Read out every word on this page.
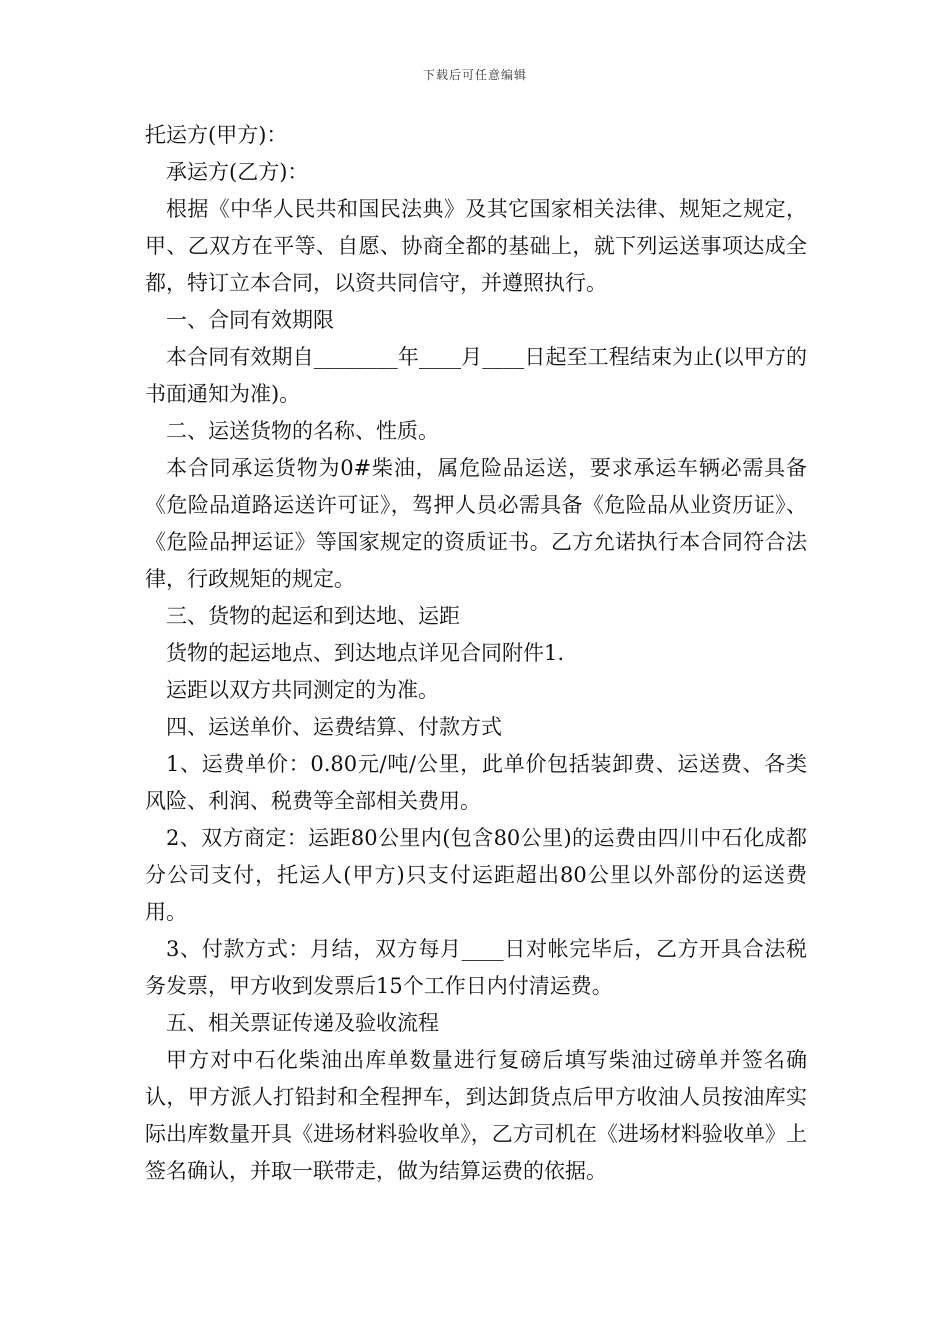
下载后可任意编辑

托运方(甲方)：

承运方(乙方)：

根据《中华人民共和国民法典》及其它国家相关法律、规矩之规定，甲、乙双方在平等、自愿、协商全都的基础上，就下列运送事项达成全都，特订立本合同，以资共同信守，并遵照执行。

一、合同有效期限

本合同有效期自________年____月____日起至工程结束为止(以甲方的书面通知为准)。

二、运送货物的名称、性质。

本合同承运货物为0#柴油，属危险品运送，要求承运车辆必需具备《危险品道路运送许可证》，驾押人员必需具备《危险品从业资历证》、《危险品押运证》等国家规定的资质证书。乙方允诺执行本合同符合法律，行政规矩的规定。

三、货物的起运和到达地、运距

货物的起运地点、到达地点详见合同附件1.

运距以双方共同测定的为准。

四、运送单价、运费结算、付款方式

1、运费单价：0.80元/吨/公里，此单价包括装卸费、运送费、各类风险、利润、税费等全部相关费用。

2、双方商定：运距80公里内(包含80公里)的运费由四川中石化成都分公司支付，托运人(甲方)只支付运距超出80公里以外部份的运送费用。

3、付款方式：月结，双方每月____日对帐完毕后，乙方开具合法税务发票，甲方收到发票后15个工作日内付清运费。

五、相关票证传递及验收流程

甲方对中石化柴油出库单数量进行复磅后填写柴油过磅单并签名确认，甲方派人打铅封和全程押车，到达卸货点后甲方收油人员按油库实际出库数量开具《进场材料验收单》，乙方司机在《进场材料验收单》上签名确认，并取一联带走，做为结算运费的依据。
